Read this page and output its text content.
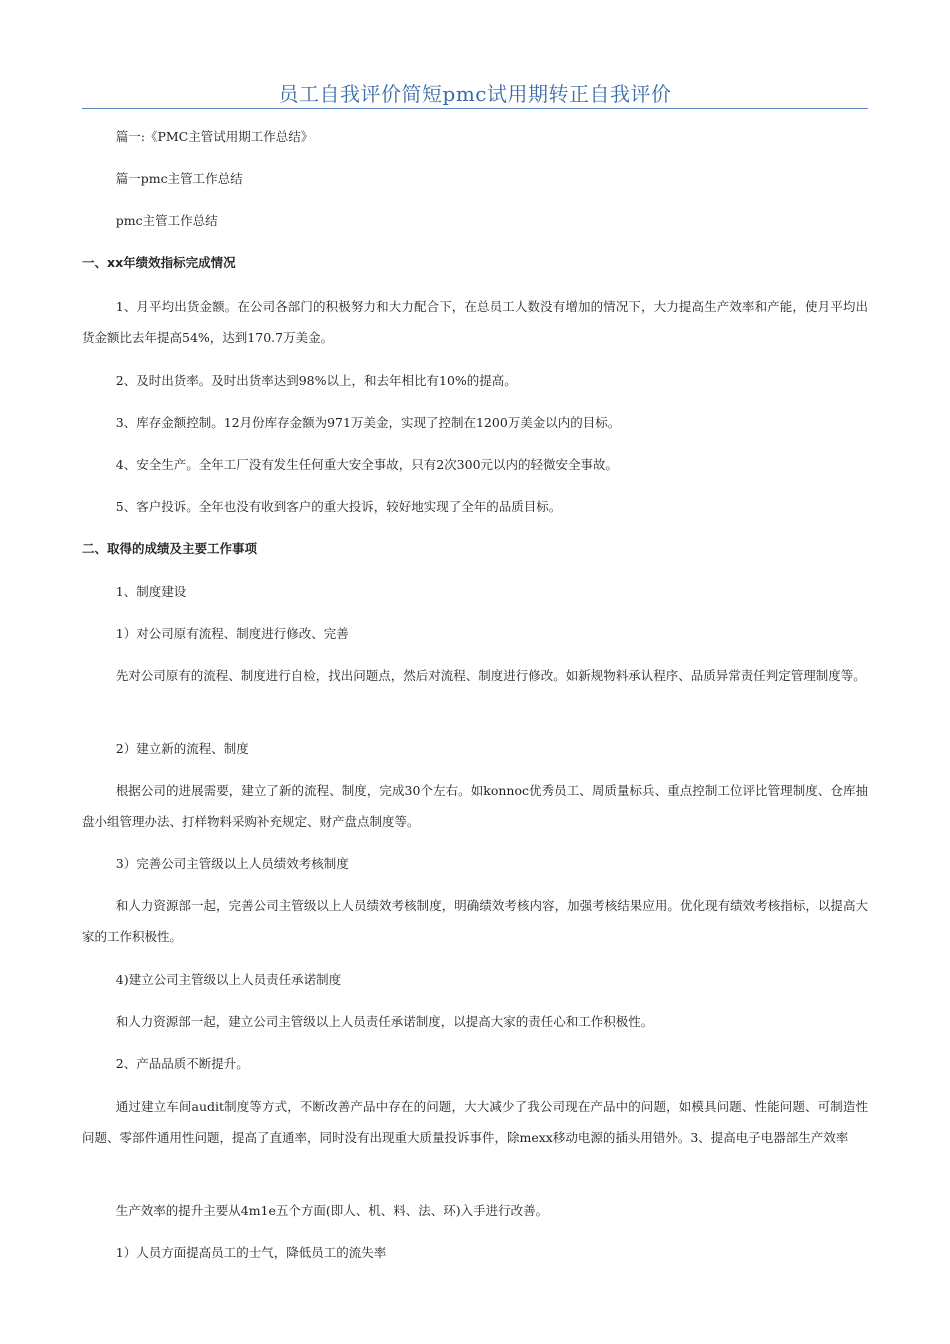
员工自我评价简短pmc试用期转正自我评价

篇一:《PMC主管试用期工作总结》

篇一pmc主管工作总结

pmc主管工作总结

一、xx年绩效指标完成情况

1、月平均出货金额。在公司各部门的积极努力和大力配合下，在总员工人数没有增加的情况下，大力提高生产效率和产能，使月平均出货金额比去年提高54%，达到170.7万美金。

2、及时出货率。及时出货率达到98%以上，和去年相比有10%的提高。

3、库存金额控制。12月份库存金额为971万美金，实现了控制在1200万美金以内的目标。

4、安全生产。全年工厂没有发生任何重大安全事故，只有2次300元以内的轻微安全事故。

5、客户投诉。全年也没有收到客户的重大投诉，较好地实现了全年的品质目标。

二、取得的成绩及主要工作事项

1、制度建设

1）对公司原有流程、制度进行修改、完善

先对公司原有的流程、制度进行自检，找出问题点，然后对流程、制度进行修改。如新规物料承认程序、品质异常责任判定管理制度等。

2）建立新的流程、制度

根据公司的进展需要，建立了新的流程、制度，完成30个左右。如konnoc优秀员工、周质量标兵、重点控制工位评比管理制度、仓库抽盘小组管理办法、打样物料采购补充规定、财产盘点制度等。

3）完善公司主管级以上人员绩效考核制度

和人力资源部一起，完善公司主管级以上人员绩效考核制度，明确绩效考核内容，加强考核结果应用。优化现有绩效考核指标，以提高大家的工作积极性。

4)建立公司主管级以上人员责任承诺制度

和人力资源部一起，建立公司主管级以上人员责任承诺制度，以提高大家的责任心和工作积极性。

2、产品品质不断提升。

通过建立车间audit制度等方式，不断改善产品中存在的问题，大大减少了我公司现在产品中的问题，如模具问题、性能问题、可制造性问题、零部件通用性问题，提高了直通率，同时没有出现重大质量投诉事件，除mexx移动电源的插头用错外。3、提高电子电器部生产效率

生产效率的提升主要从4m1e五个方面(即人、机、料、法、环)入手进行改善。

1）人员方面提高员工的士气，降低员工的流失率
